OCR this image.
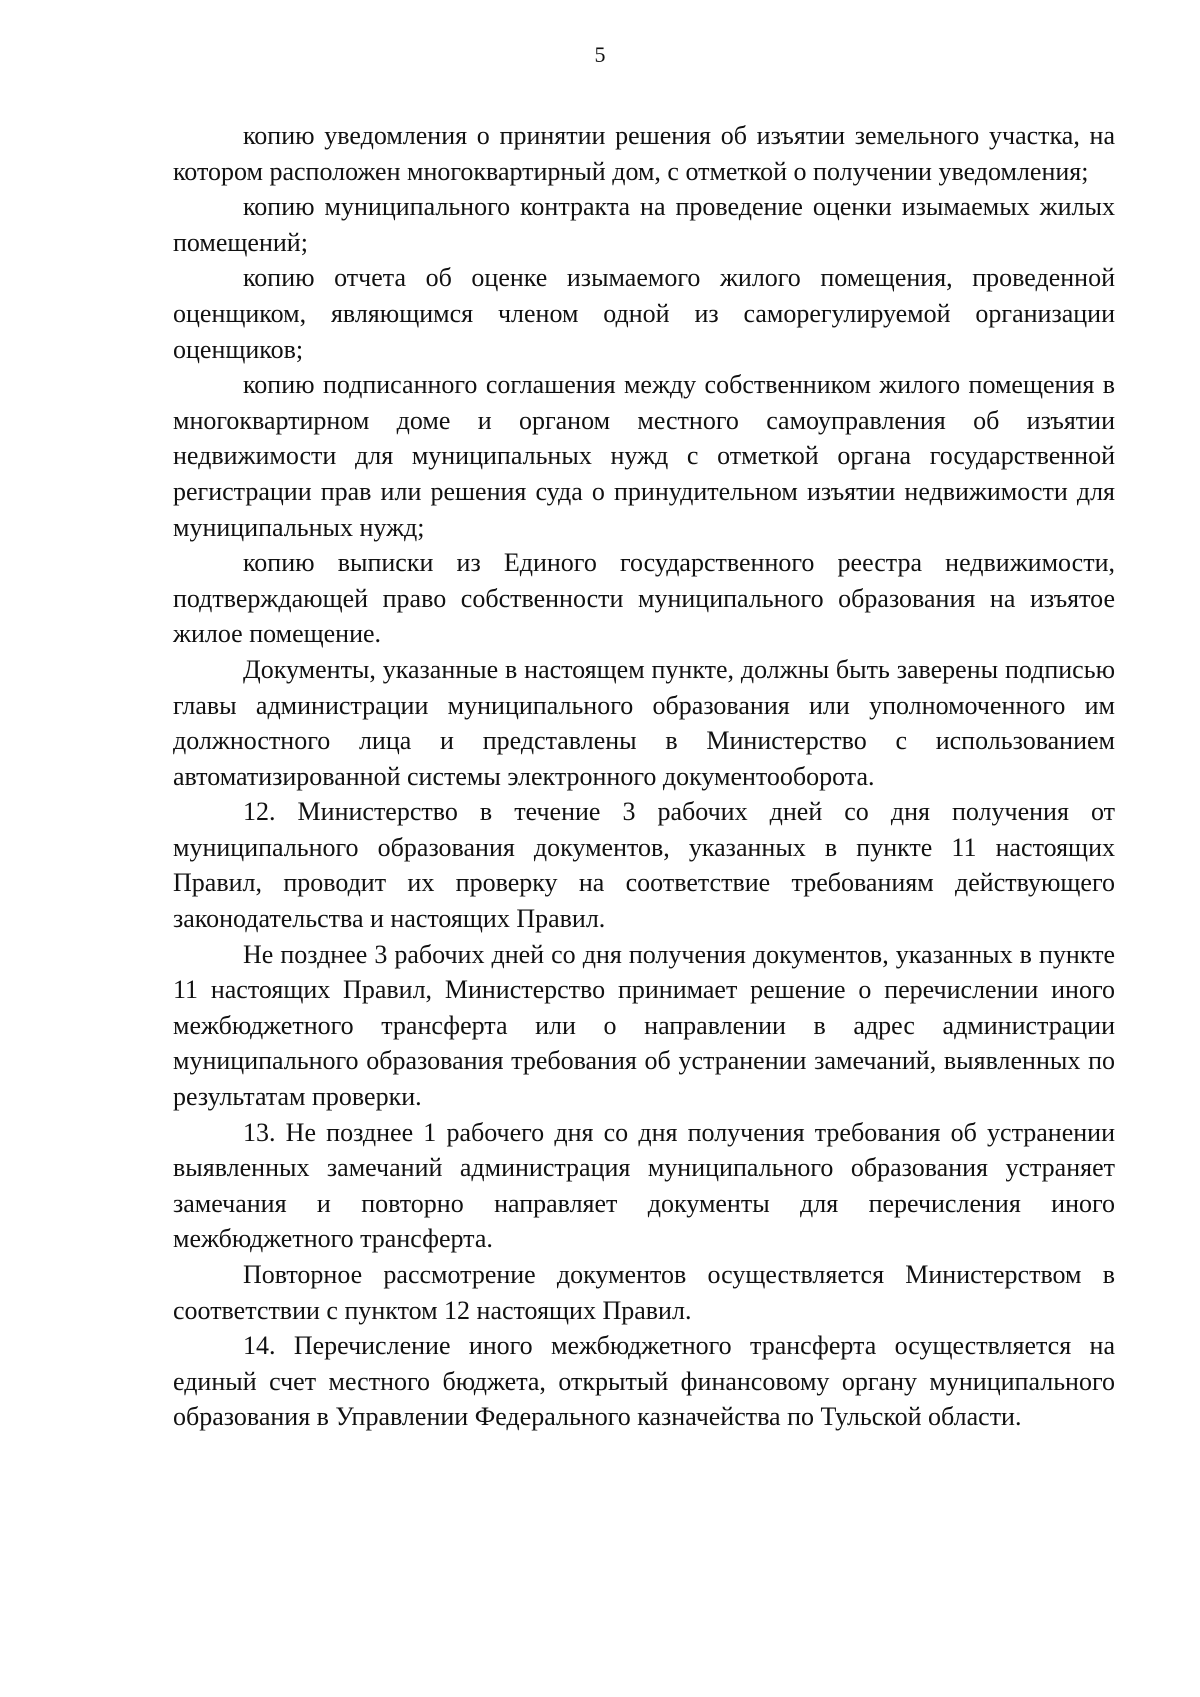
5

копию уведомления о принятии решения об изъятии земельного участка, на котором расположен многоквартирный дом, с отметкой о получении уведомления;

копию муниципального контракта на проведение оценки изымаемых жилых помещений;

копию отчета об оценке изымаемого жилого помещения, проведенной оценщиком, являющимся членом одной из саморегулируемой организации оценщиков;

копию подписанного соглашения между собственником жилого помещения в многоквартирном доме и органом местного самоуправления об изъятии недвижимости для муниципальных нужд с отметкой органа государственной регистрации прав или решения суда о принудительном изъятии недвижимости для муниципальных нужд;

копию выписки из Единого государственного реестра недвижимости, подтверждающей право собственности муниципального образования на изъятое жилое помещение.

Документы, указанные в настоящем пункте, должны быть заверены подписью главы администрации муниципального образования или уполномоченного им должностного лица и представлены в Министерство с использованием автоматизированной системы электронного документооборота.

12. Министерство в течение 3 рабочих дней со дня получения от муниципального образования документов, указанных в пункте 11 настоящих Правил, проводит их проверку на соответствие требованиям действующего законодательства и настоящих Правил.

Не позднее 3 рабочих дней со дня получения документов, указанных в пункте 11 настоящих Правил, Министерство принимает решение о перечислении иного межбюджетного трансферта или о направлении в адрес администрации муниципального образования требования об устранении замечаний, выявленных по результатам проверки.

13. Не позднее 1 рабочего дня со дня получения требования об устранении выявленных замечаний администрация муниципального образования устраняет замечания и повторно направляет документы для перечисления иного межбюджетного трансферта.

Повторное рассмотрение документов осуществляется Министерством в соответствии с пунктом 12 настоящих Правил.

14. Перечисление иного межбюджетного трансферта осуществляется на единый счет местного бюджета, открытый финансовому органу муниципального образования в Управлении Федерального казначейства по Тульской области.
